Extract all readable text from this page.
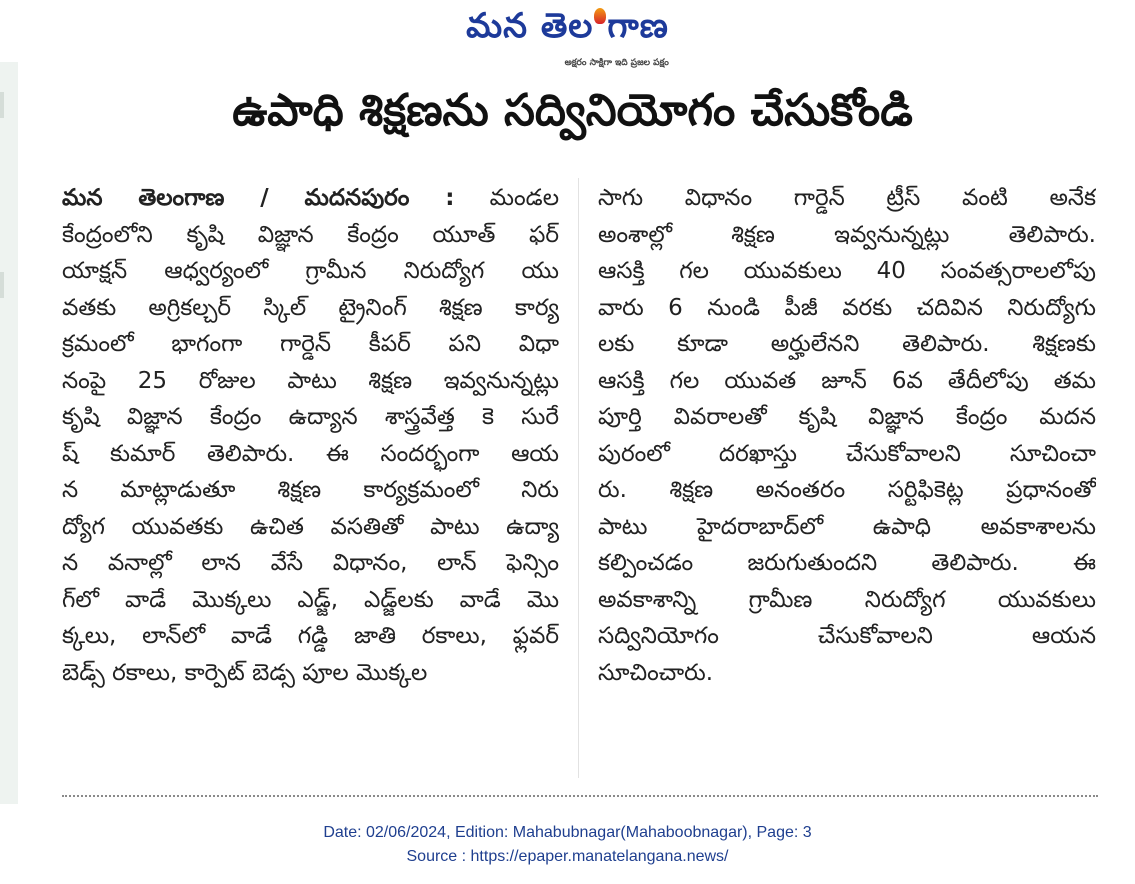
మన తెల గాణ
అక్షరం సాక్షిగా ఇది ప్రజల పక్షం
ఉపాధి శిక్షణను సద్వినియోగం చేసుకోండి
మన తెలంగాణ / మదనపురం : మండల
కేంద్రంలోని కృషి విజ్ఞాన కేంద్రం యూత్ ఫర్
యాక్షన్ ఆధ్వర్యంలో గ్రామీన నిరుద్యోగ యు
వతకు అగ్రికల్చర్ స్కిల్ ట్రైనింగ్ శిక్షణ కార్య
క్రమంలో భాగంగా గార్డెన్ కీపర్ పని విధా
నంపై 25 రోజుల పాటు శిక్షణ ఇవ్వనున్నట్లు
కృషి విజ్ఞాన కేంద్రం ఉద్యాన శాస్త్రవేత్త కె సురే
ష్ కుమార్ తెలిపారు. ఈ సందర్భంగా ఆయ
న మాట్లాడుతూ శిక్షణ కార్యక్రమంలో నిరు
ద్యోగ యువతకు ఉచిత వసతితో పాటు ఉద్యా
న వనాల్లో లాన వేసే విధానం, లాన్ ఫెన్సిం
గ్‌లో వాడే మొక్కలు ఎడ్జ్, ఎడ్జ్‌లకు వాడే మొ
క్కలు, లాన్‌లో వాడే గడ్డి జాతి రకాలు, ఫ్లవర్
బెడ్స్ రకాలు, కార్పెట్ బెడ్స పూల మొక్కల
సాగు విధానం గార్డెన్ ట్రీస్ వంటి అనేక
అంశాల్లో శిక్షణ ఇవ్వనున్నట్లు తెలిపారు.
ఆసక్తి గల యువకులు 40 సంవత్సరాలలోపు
వారు 6 నుండి పీజీ వరకు చదివిన నిరుద్యోగు
లకు కూడా అర్హులేనని తెలిపారు. శిక్షణకు
ఆసక్తి గల యువత జూన్ 6వ తేదీలోపు తమ
పూర్తి వివరాలతో కృషి విజ్ఞాన కేంద్రం మదన
పురంలో దరఖాస్తు చేసుకోవాలని సూచించా
రు. శిక్షణ అనంతరం సర్టిఫికెట్ల ప్రధానంతో
పాటు హైదరాబాద్‌లో ఉపాధి అవకాశాలను
కల్పించడం జరుగుతుందని తెలిపారు. ఈ
అవకాశాన్ని గ్రామీణ నిరుద్యోగ యువకులు
సద్వినియోగం చేసుకోవాలని ఆయన
సూచించారు.
Date: 02/06/2024, Edition: Mahabubnagar(Mahaboobnagar), Page: 3
Source : https://epaper.manatelangana.news/
